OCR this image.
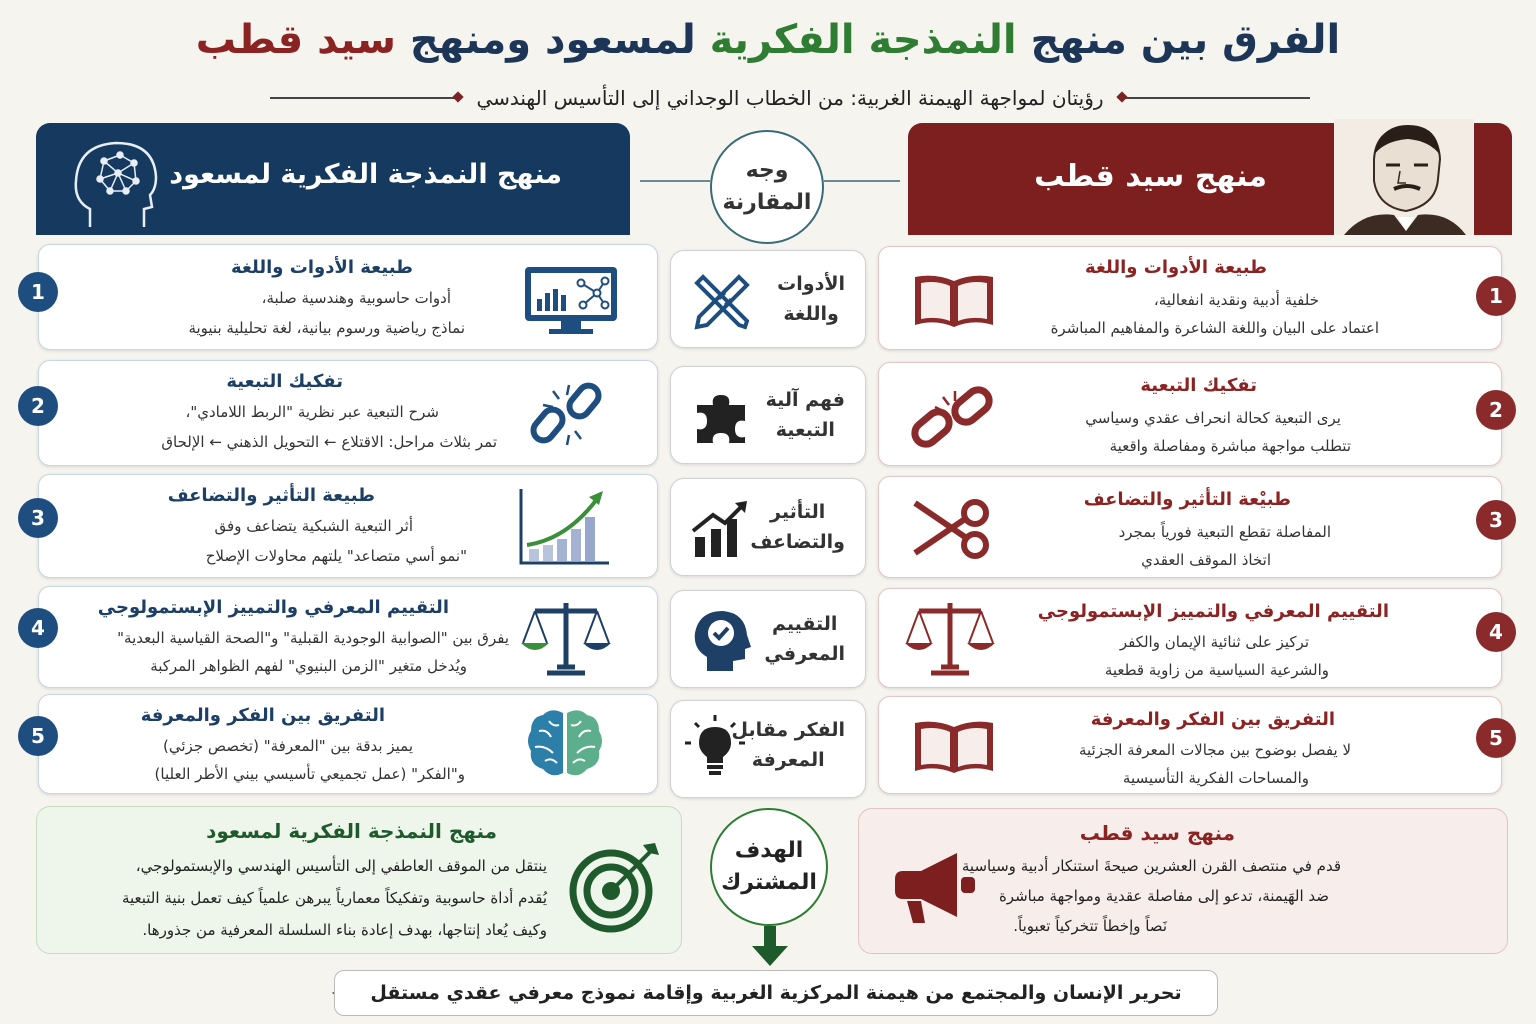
الفرق بين منهج النمذجة الفكرية لمسعود ومنهج سيد قطب
رؤيتان لمواجهة الهيمنة الغربية: من الخطاب الوجداني إلى التأسيس الهندسي
منهج سيد قطب
منهج النمذجة الفكرية لمسعود	وجه
المقارنة
طبيعة الأدوات واللغة
خلفية أدبية ونقدية انفعالية،
اعتماد على البيان واللغة الشاعرة والمفاهيم المباشرة
تفكيك التبعية
يرى التبعية كحالة انحراف عقدي وسياسي
تتطلب مواجهة مباشرة ومفاصلة واقعية
طبيْعة التأثير والتضاعف
المفاصلة تقطع التبعية فورياً بمجرد
اتخاذ الموقف العقدي
التقييم المعرفي والتمييز الإبستمولوجي
تركيز على ثنائية الإيمان والكفر
والشرعية السياسية من زاوية قطعية
التفريق بين الفكر والمعرفة
لا يفصل بوضوح بين مجالات المعرفة الجزئية
والمساحات الفكرية التأسيسية
1
2
3
4
5
الأدوات
واللغة
فهم آلية
التبعية
التأثير
والتضاعف
التقييم
المعرفي
الفكر مقابل
المعرفة
طبيعة الأدوات واللغة
أدوات حاسوبية وهندسية صلبة،
نماذج رياضية ورسوم بيانية، لغة تحليلية بنيوية
تفكيك التبعية
شرح التبعية عبر نظرية "الربط اللامادي"،
تمر بثلاث مراحل: الاقتلاع ← التحويل الذهني ← الإلحاق
طبيعة التأثير والتضاعف
أثر التبعية الشبكية يتضاعف وفق
"نمو أسي متصاعد" يلتهم محاولات الإصلاح
التقييم المعرفي والتمييز الإبستمولوجي
يفرق بين "الصوابية الوجودية القبلية" و"الصحة القياسية البعدية"
ويُدخل متغير "الزمن البنيوي" لفهم الظواهر المركبة
التفريق بين الفكر والمعرفة
يميز بدقة بين "المعرفة" (تخصص جزئي)
و"الفكر" (عمل تجميعي تأسيسي بيني الأطر العليا)
1
2
3
4
5
منهج سيد قطب
قدم في منتصف القرن العشرين صيحةَ استنكار أدبية وسياسية
ضد الهَيمنة، تدعو إلى مفاصلة عقدية ومواجهة مباشرة
نَصاً وإخطاً تتخركياً تعبوياً.
منهج النمذجة الفكرية لمسعود
ينتقل من الموقف العاطفي إلى التأسيس الهندسي والإبستمولوجي،
يُقدم أداة حاسوبية وتفكيكاً معمارياً يبرهن علمياً كيف تعمل بنية التبعية
وكيف يُعاد إنتاجها، بهدف إعادة بناء السلسلة المعرفية من جذورها.
الهدف
المشترك
تحرير الإنسان والمجتمع من هيمنة المركزية الغربية وإقامة نموذج معرفي عقدي مستقل
